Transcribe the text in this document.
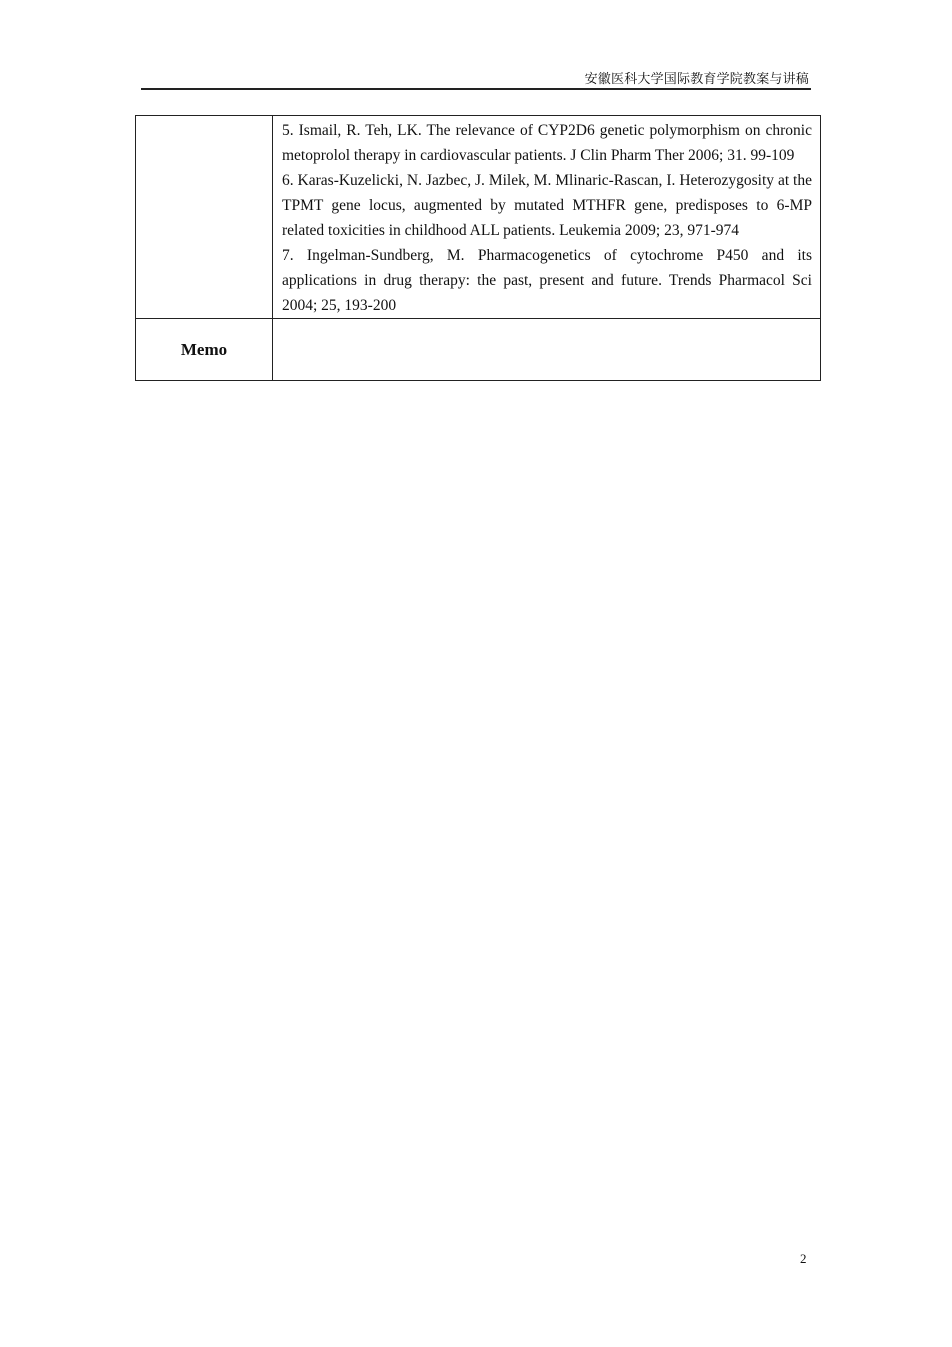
安徽医科大学国际教育学院教案与讲稿

	5. Ismail, R. Teh, LK. The relevance of CYP2D6 genetic polymorphism on chronic metoprolol therapy in cardiovascular patients. J Clin Pharm Ther 2006; 31. 99-109

6. Karas-Kuzelicki, N. Jazbec, J. Milek, M. Mlinaric-Rascan, I. Heterozygosity at the TPMT gene locus, augmented by mutated MTHFR gene, predisposes to 6-MP related toxicities in childhood ALL patients. Leukemia 2009; 23, 971-974

7. Ingelman-Sundberg, M. Pharmacogenetics of cytochrome P450 and its applications in drug therapy: the past, present and future. Trends Pharmacol Sci 2004; 25, 193-200

Memo	
2
